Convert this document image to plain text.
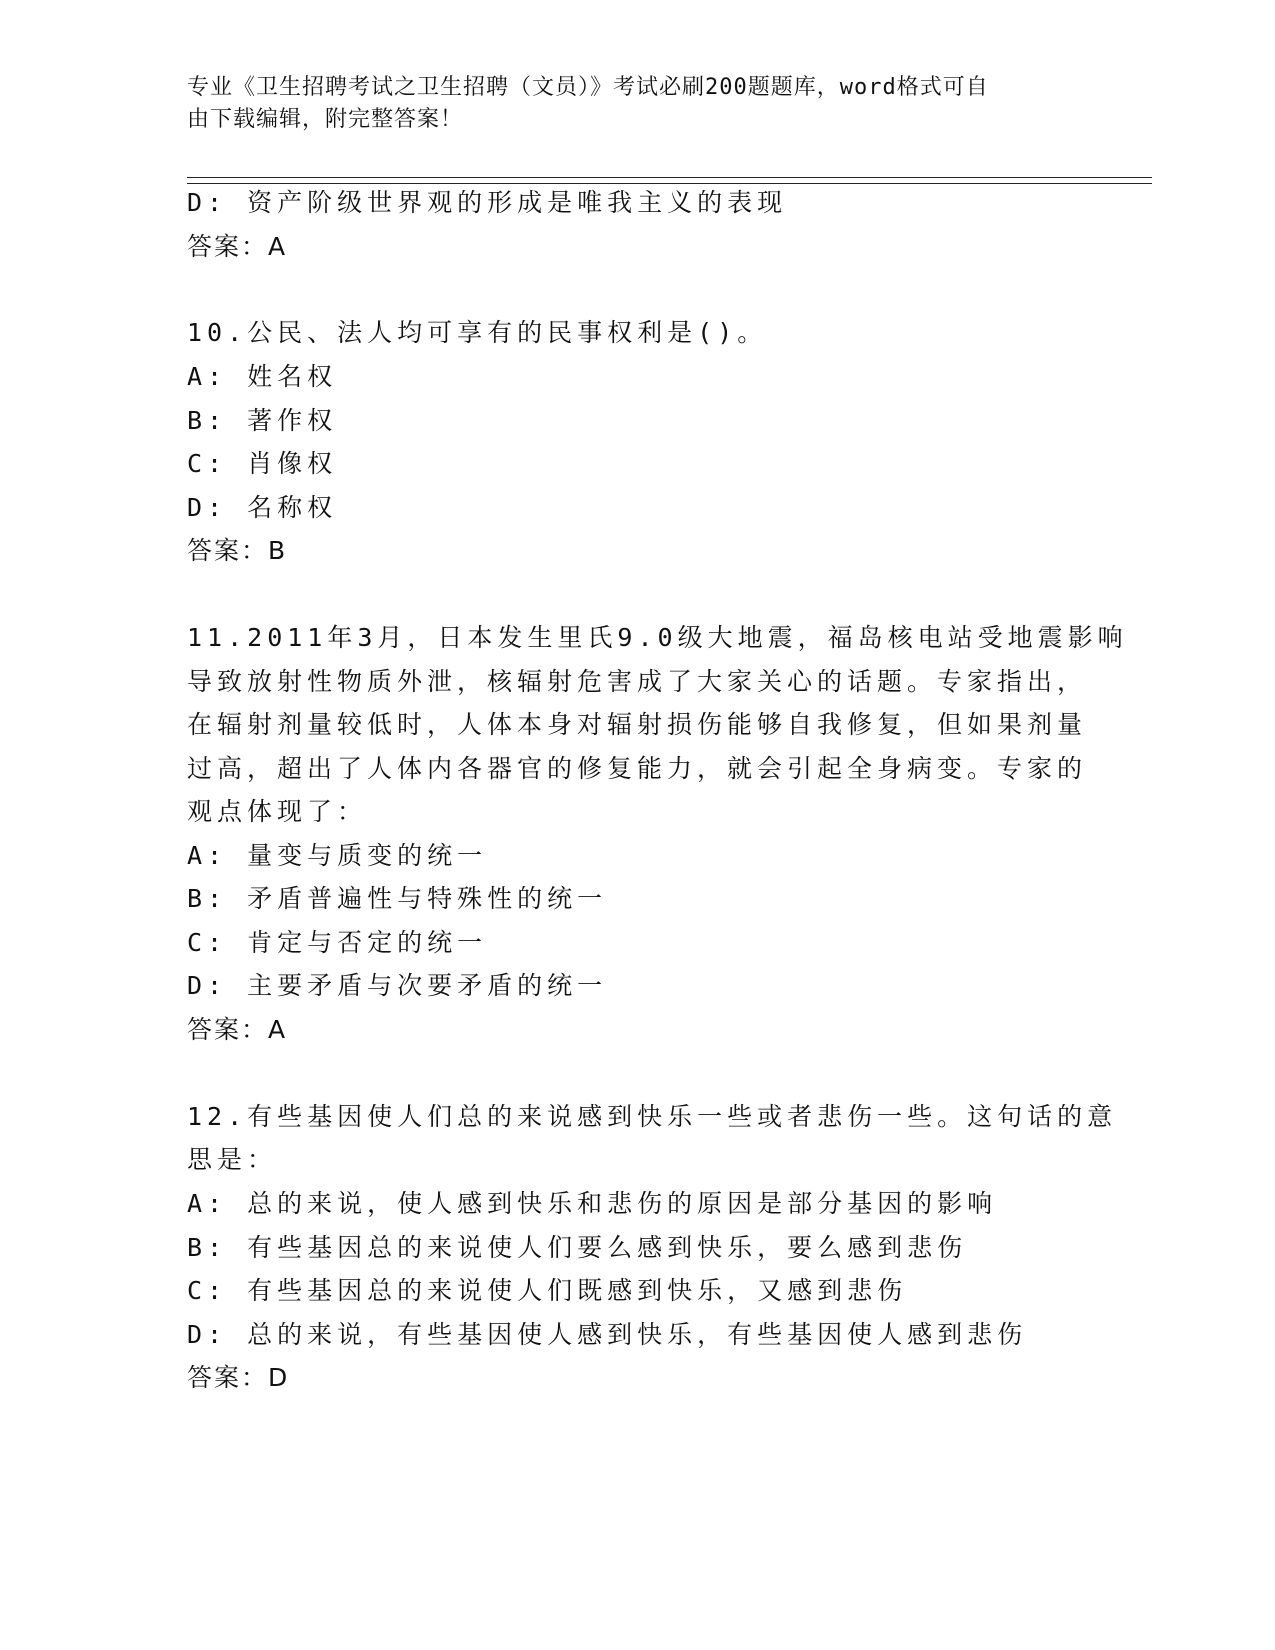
专业《卫生招聘考试之卫生招聘（文员）》考试必刷200题题库，word格式可自
由下载编辑，附完整答案！
D: 资产阶级世界观的形成是唯我主义的表现
答案：A
10.公民、法人均可享有的民事权利是()。
A: 姓名权
B: 著作权
C: 肖像权
D: 名称权
答案：B
11.2011年3月，日本发生里氏9.0级大地震，福岛核电站受地震影响
导致放射性物质外泄，核辐射危害成了大家关心的话题。专家指出，
在辐射剂量较低时，人体本身对辐射损伤能够自我修复，但如果剂量
过高，超出了人体内各器官的修复能力，就会引起全身病变。专家的
观点体现了：
A: 量变与质变的统一
B: 矛盾普遍性与特殊性的统一
C: 肯定与否定的统一
D: 主要矛盾与次要矛盾的统一
答案：A
12.有些基因使人们总的来说感到快乐一些或者悲伤一些。这句话的意
思是：
A: 总的来说，使人感到快乐和悲伤的原因是部分基因的影响
B: 有些基因总的来说使人们要么感到快乐，要么感到悲伤
C: 有些基因总的来说使人们既感到快乐，又感到悲伤
D: 总的来说，有些基因使人感到快乐，有些基因使人感到悲伤
答案：D
